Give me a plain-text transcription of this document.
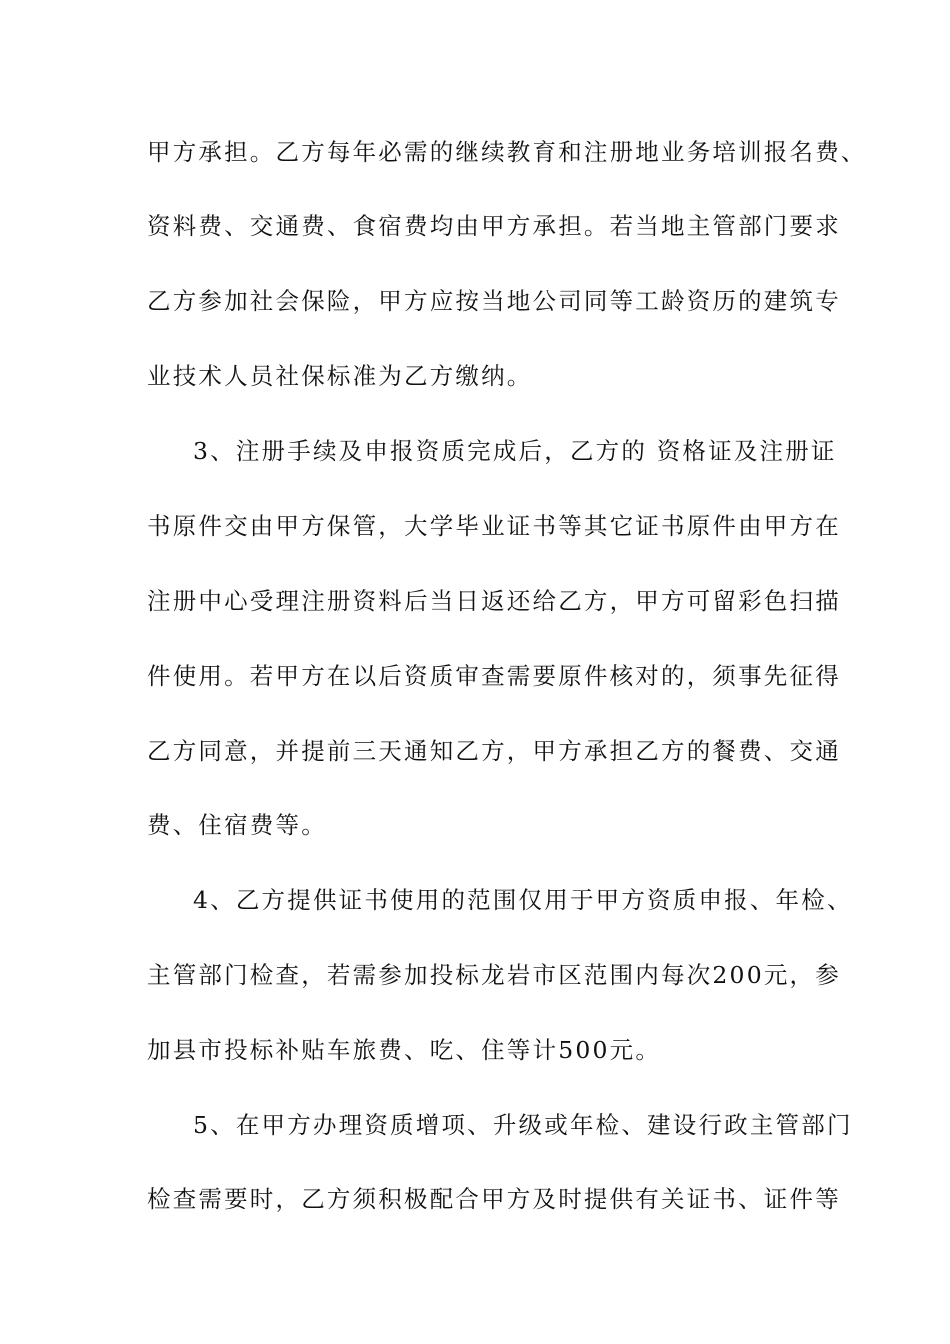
甲方承担。乙方每年必需的继续教育和注册地业务培训报名费、
资料费、交通费、食宿费均由甲方承担。若当地主管部门要求
乙方参加社会保险，甲方应按当地公司同等工龄资历的建筑专
业技术人员社保标准为乙方缴纳。
3、注册手续及申报资质完成后，乙方的 资格证及注册证
书原件交由甲方保管，大学毕业证书等其它证书原件由甲方在
注册中心受理注册资料后当日返还给乙方，甲方可留彩色扫描
件使用。若甲方在以后资质审查需要原件核对的，须事先征得
乙方同意，并提前三天通知乙方，甲方承担乙方的餐费、交通
费、住宿费等。
4、乙方提供证书使用的范围仅用于甲方资质申报、年检、
主管部门检查，若需参加投标龙岩市区范围内每次200元，参
加县市投标补贴车旅费、吃、住等计500元。
5、在甲方办理资质增项、升级或年检、建设行政主管部门
检查需要时，乙方须积极配合甲方及时提供有关证书、证件等
